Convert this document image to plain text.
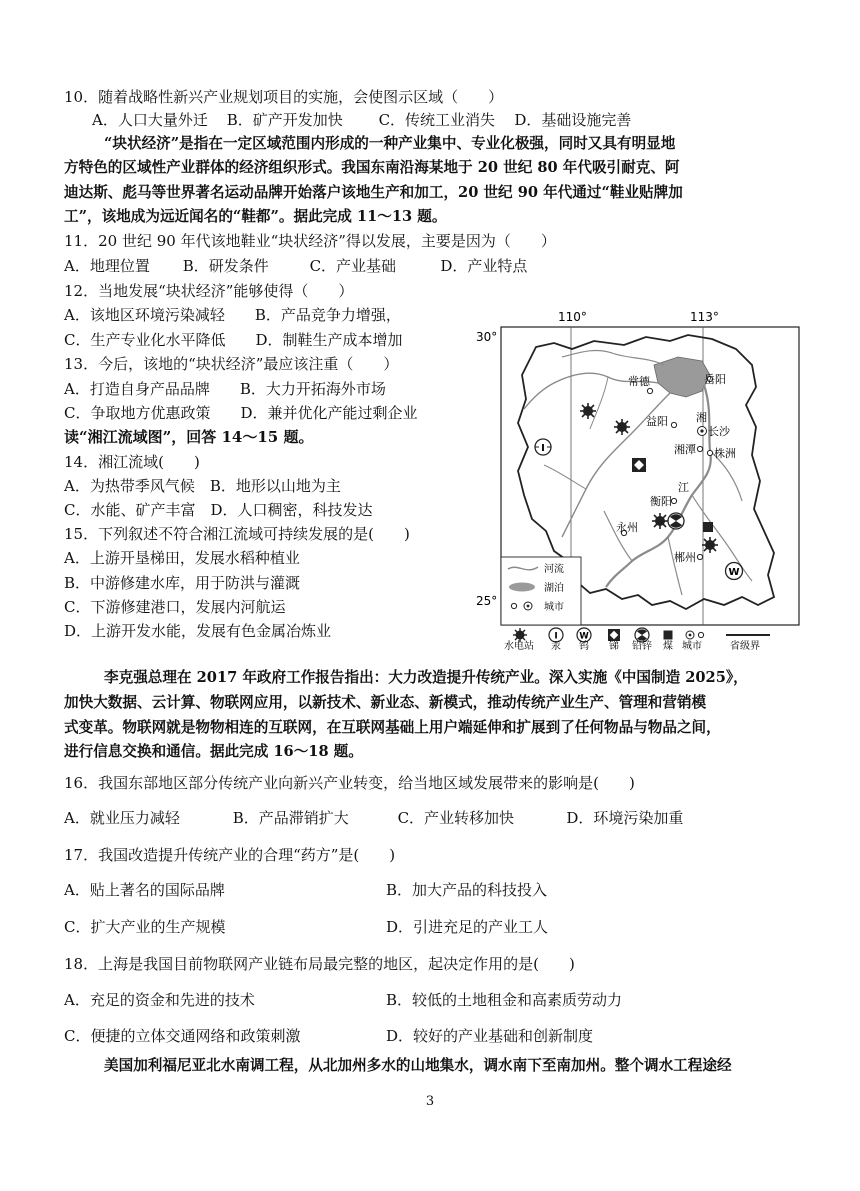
10．随着战略性新兴产业规划项目的实施，会使图示区域（　　）
A．人口大量外迁 B．矿产开发加快 C．传统工业消失 D．基础设施完善
“块状经济”是指在一定区域范围内形成的一种产业集中、专业化极强，同时又具有明显地
方特色的区域性产业群体的经济组织形式。我国东南沿海某地于 20 世纪 80 年代吸引耐克、阿
迪达斯、彪马等世界著名运动品牌开始落户该地生产和加工，20 世纪 90 年代通过“鞋业贴牌加
工”，该地成为远近闻名的“鞋都”。据此完成 11～13 题。
11．20 世纪 90 年代该地鞋业“块状经济”得以发展，主要是因为（　　）
A．地理位置 B．研发条件	C．产业基础	D．产业特点
12．当地发展“块状经济”能够使得（　　）
A．该地区环境污染减轻　　B．产品竞争力增强，
C．生产专业化水平降低　　D．制鞋生产成本增加
13．今后，该地的“块状经济”最应该注重（　　）
A．打造自身产品品牌　　B．大力开拓海外市场
C．争取地方优惠政策　　D．兼并优化产能过剩企业
读“湘江流域图”，回答 14～15 题。
14．湘江流域(　　)
A．为热带季风气候　B．地形以山地为主
C．水能、矿产丰富　D．人口稠密，科技发达
15．下列叙述不符合湘江流域可持续发展的是(　　)
A．上游开垦梯田，发展水稻种植业
B．中游修建水库，用于防洪与灌溉
C．下游修建港口，发展内河航运
D．上游开发水能，发展有色金属冶炼业
110°	113°
30°
25°
湘
江
常德	岳阳
益阳
长沙
湘潭 株洲
衡阳
永州
郴州
I
W
河流
湖泊
城市
I	W
水电站 汞 钨 锑 铅锌 煤 城市	省级界
李克强总理在 2017 年政府工作报告指出：大力改造提升传统产业。深入实施《中国制造 2025》，
加快大数据、云计算、物联网应用，以新技术、新业态、新模式，推动传统产业生产、管理和营销模
式变革。物联网就是物物相连的互联网，在互联网基础上用户端延伸和扩展到了任何物品与物品之间，
进行信息交换和通信。据此完成 16～18 题。
16．我国东部地区部分传统产业向新兴产业转变，给当地区域发展带来的影响是(　　)
A．就业压力减轻	B．产品滞销扩大	C．产业转移加快	D．环境污染加重
17．我国改造提升传统产业的合理“药方”是(　　)
A．贴上著名的国际品牌	B．加大产品的科技投入
C．扩大产业的生产规模	D．引进充足的产业工人
18．上海是我国目前物联网产业链布局最完整的地区，起决定作用的是(　　)
A．充足的资金和先进的技术	B．较低的土地租金和高素质劳动力
C．便捷的立体交通网络和政策刺激	D．较好的产业基础和创新制度
美国加利福尼亚北水南调工程，从北加州多水的山地集水，调水南下至南加州。整个调水工程途经
3
